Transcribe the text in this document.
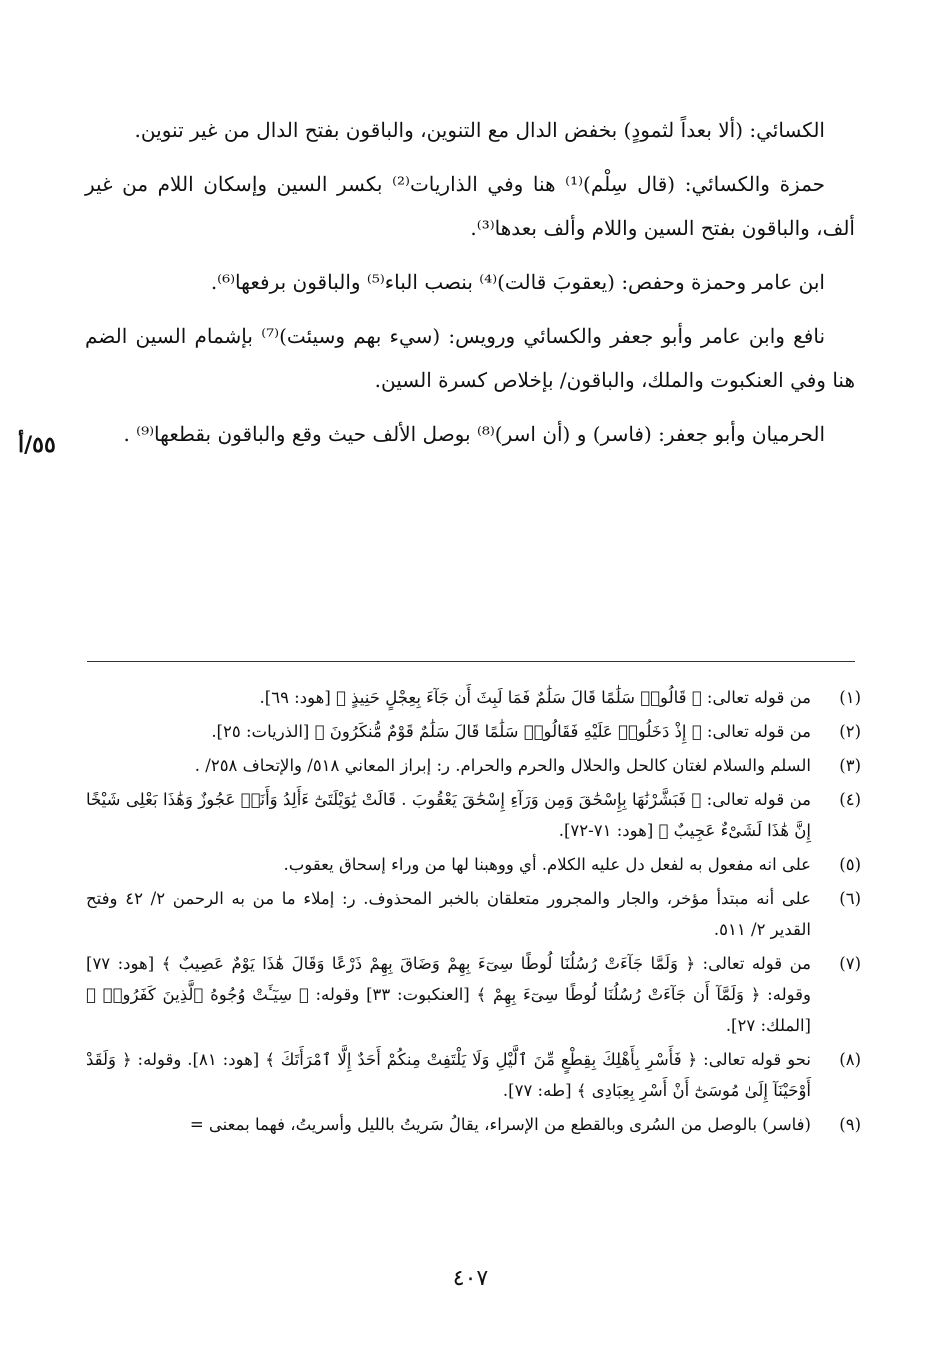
الكسائي: (ألا بعداً لثمودٍ) بخفض الدال مع التنوين، والباقون بفتح الدال من غير تنوين.

حمزة والكسائي: (قال سِلْم)⁽¹⁾ هنا وفي الذاريات⁽²⁾ بكسر السين وإسكان اللام من غير ألف، والباقون بفتح السين واللام وألف بعدها⁽³⁾.

ابن عامر وحمزة وحفص: (يعقوبَ قالت)⁽⁴⁾ بنصب الباء⁽⁵⁾ والباقون برفعها⁽⁶⁾.

نافع وابن عامر وأبو جعفر والكسائي ورويس: (سيء بهم وسيئت)⁽⁷⁾ بإشمام السين الضم هنا وفي العنكبوت والملك، والباقون/ بإخلاص كسرة السين.

الحرميان وأبو جعفر: (فاسر) و (أن اسر)⁽⁸⁾ بوصل الألف حيث وقع والباقون بقطعها⁽⁹⁾ .

٥٥/أ
(١)
من قوله تعالى: ﴿ قَالُوا۟ سَلَٰمًا قَالَ سَلَٰمٌ فَمَا لَبِثَ أَن جَآءَ بِعِجْلٍ حَنِيذٍ ﴾ [هود: ٦٩].
(٢)
من قوله تعالى: ﴿ إِذْ دَخَلُوا۟ عَلَيْهِ فَقَالُوا۟ سَلَٰمًا قَالَ سَلَٰمٌ قَوْمٌ مُّنكَرُونَ ﴾ [الذريات: ٢٥].
(٣)
السلم والسلام لغتان كالحل والحلال والحرم والحرام. ر: إبراز المعاني ٥١٨/ والإتحاف ٢٥٨/ .
(٤)
من قوله تعالى: ﴿ فَبَشَّرْنَٰهَا بِإِسْحَٰقَ وَمِن وَرَآءِ إِسْحَٰقَ يَعْقُوبَ . قَالَتْ يَٰوَيْلَتَىٰٓ ءَأَلِدُ وَأَنَا۠ عَجُوزٌ وَهَٰذَا بَعْلِى شَيْخًا إِنَّ هَٰذَا لَشَىْءٌ عَجِيبٌ ﴾ [هود: ٧١-٧٢].
(٥)
على انه مفعول به لفعل دل عليه الكلام. أي ووهبنا لها من وراء إسحاق يعقوب.
(٦)
على أنه مبتدأ مؤخر، والجار والمجرور متعلقان بالخبر المحذوف. ر: إملاء ما من به الرحمن ٢/ ٤٢ وفتح القدير ٢/ ٥١١.
(٧)
من قوله تعالى: ﴿ وَلَمَّا جَآءَتْ رُسُلُنَا لُوطًا سِىٓءَ بِهِمْ وَضَاقَ بِهِمْ ذَرْعًا وَقَالَ هَٰذَا يَوْمٌ عَصِيبٌ ﴾ [هود: ٧٧] وقوله: ﴿ وَلَمَّآ أَن جَآءَتْ رُسُلُنَا لُوطًا سِىٓءَ بِهِمْ ﴾ [العنكبوت: ٣٣] وقوله: ﴿ سِيٓـَٔتْ وُجُوهُ ٱلَّذِينَ كَفَرُوا۟ ﴾ [الملك: ٢٧].
(٨)
نحو قوله تعالى: ﴿ فَأَسْرِ بِأَهْلِكَ بِقِطْعٍ مِّنَ ٱلَّيْلِ وَلَا يَلْتَفِتْ مِنكُمْ أَحَدٌ إِلَّا ٱمْرَأَتَكَ ﴾ [هود: ٨١]. وقوله: ﴿ وَلَقَدْ أَوْحَيْنَآ إِلَىٰ مُوسَىٰٓ أَنْ أَسْرِ بِعِبَادِى ﴾ [طه: ٧٧].
(٩)
(فاسر) بالوصل من السُرى وبالقطع من الإسراء، يقالُ سَريتُ بالليل وأسريتُ، فهما بمعنى =
٤٠٧
